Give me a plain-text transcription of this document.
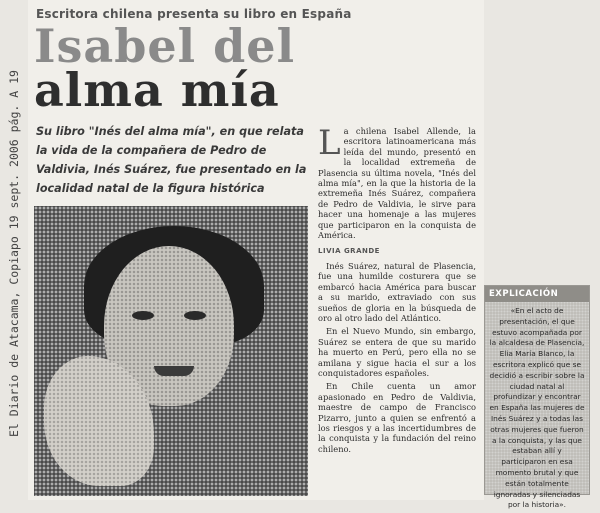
Escritora chilena presenta su libro en España
Isabel del
alma mía
Su libro "Inés del alma mía", en que relata la vida de la compañera de Pedro de Valdivia, Inés Suárez, fue presentado en la localidad natal de la figura histórica
El Diario de Atacama, Copiapo 19 sept. 2006 pág. A 19	La chilena Isabel Allende, la escritora latinoamericana más leída del mundo, presentó en la localidad extremeña de Plasencia su última novela, "Inés del alma mía", en la que la historia de la extremeña Inés Suárez, compañera de Pedro de Valdivia, le sirve para hacer una homenaje a las mujeres que participaron en la conquista de América.

LIVIA GRANDE

Inés Suárez, natural de Plasencia, fue una humilde costurera que se embarcó hacia América para buscar a su marido, extraviado con sus sueños de gloria en la búsqueda de oro al otro lado del Atlántico.

En el Nuevo Mundo, sin embargo, Suárez se entera de que su marido ha muerto en Perú, pero ella no se amilana y sigue hacia el sur a los conquistadores españoles.

En Chile cuenta un amor apasionado en Pedro de Valdivia, maestre de campo de Francisco Pizarro, junto a quien se enfrentó a los riesgos y a las incertidumbres de la conquista y la fundación del reino chileno.

EXPLICACIÓN
«En el acto de presentación, el que estuvo acompañada por la alcaldesa de Plasencia, Elia María Blanco, la escritora explicó que se decidió a escribir sobre la ciudad natal al profundizar y encontrar en España las mujeres de Inés Suárez y a todas las otras mujeres que fueron a la conquista, y las que estaban allí y participaron en esa momento brutal y que están totalmente ignoradas y silenciadas por la historia».
